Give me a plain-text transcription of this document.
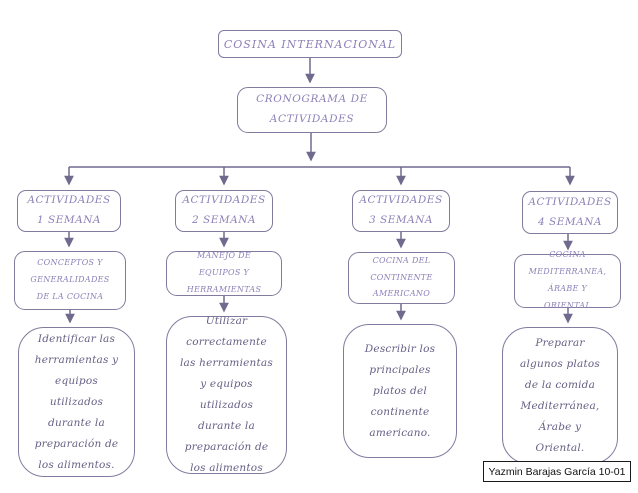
COSINA INTERNACIONAL
CRONOGRAMA DE ACTIVIDADES
ACTIVIDADES 1 SEMANA
ACTIVIDADES 2 SEMANA
ACTIVIDADES 3 SEMANA
ACTIVIDADES 4 SEMANA
CONCEPTOS Y GENERALIDADES DE LA COCINA
MANEJO DE EQUIPOS Y HERRAMIENTAS
COCINA DEL CONTINENTE AMERICANO
COCINA MEDITERRANEA, ÁRABE Y ORIENTAL
Identificar las herramientas y equipos utilizados durante la preparación de los alimentos.
Utilizar correctamente las herramientas y equipos utilizados durante la preparación de los alimentos
Describir los principales platos del continente americano.
Preparar algunos platos de la comida Mediterránea, Árabe y Oriental.
Yazmin Barajas García 10-01
